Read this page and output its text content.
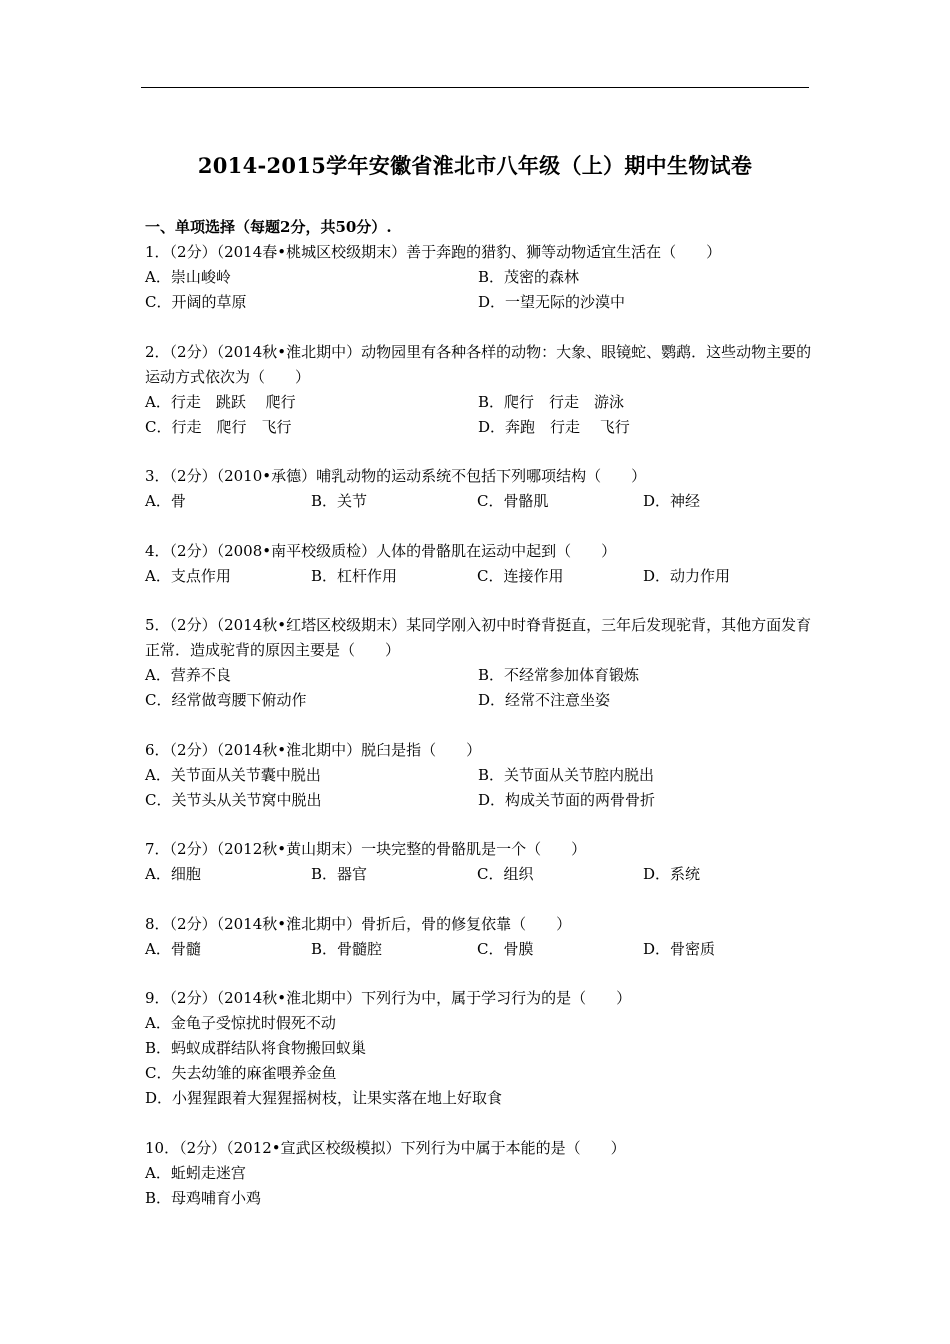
2014-2015学年安徽省淮北市八年级（上）期中生物试卷
一、单项选择（每题2分，共50分）.
1．（2分）（2014春•桃城区校级期末）善于奔跑的猎豹、狮等动物适宜生活在（　　）
A．崇山峻岭	B．茂密的森林
C．开阔的草原	D．一望无际的沙漠中
2．（2分）（2014秋•淮北期中）动物园里有各种各样的动物：大象、眼镜蛇、鹦鹉．这些动物主要的运动方式依次为（　　）
A．行走　跳跃　 爬行	B．爬行　行走　游泳
C．行走　爬行　飞行	D．奔跑　行走　 飞行
3．（2分）（2010•承德）哺乳动物的运动系统不包括下列哪项结构（　　）
A．骨	B．关节	C．骨骼肌	D．神经
4．（2分）（2008•南平校级质检）人体的骨骼肌在运动中起到（　　）
A．支点作用	B．杠杆作用	C．连接作用	D．动力作用
5．（2分）（2014秋•红塔区校级期末）某同学刚入初中时脊背挺直，三年后发现驼背，其他方面发育正常．造成驼背的原因主要是（　　）
A．营养不良	B．不经常参加体育锻炼
C．经常做弯腰下俯动作	D．经常不注意坐姿
6．（2分）（2014秋•淮北期中）脱臼是指（　　）
A．关节面从关节囊中脱出	B．关节面从关节腔内脱出
C．关节头从关节窝中脱出	D．构成关节面的两骨骨折
7．（2分）（2012秋•黄山期末）一块完整的骨骼肌是一个（　　）
A．细胞	B．器官	C．组织	D．系统
8．（2分）（2014秋•淮北期中）骨折后，骨的修复依靠（　　）
A．骨髓	B．骨髓腔	C．骨膜	D．骨密质
9．（2分）（2014秋•淮北期中）下列行为中，属于学习行为的是（　　）
A．金龟子受惊扰时假死不动
B．蚂蚁成群结队将食物搬回蚁巢
C．失去幼雏的麻雀喂养金鱼
D．小猩猩跟着大猩猩摇树枝，让果实落在地上好取食
10．（2分）（2012•宣武区校级模拟）下列行为中属于本能的是（　　）
A．蚯蚓走迷宫
B．母鸡哺育小鸡
